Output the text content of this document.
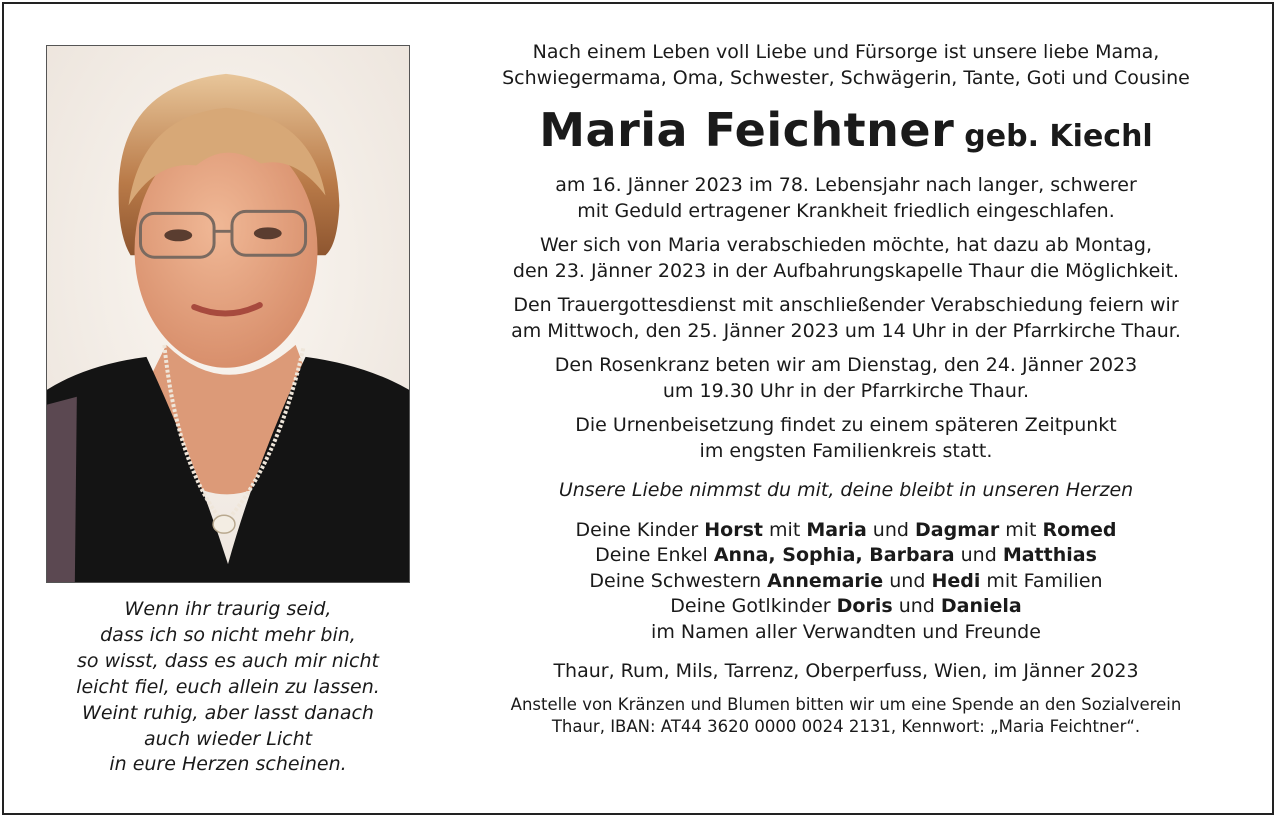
Wenn ihr traurig seid,
dass ich so nicht mehr bin,
so wisst, dass es auch mir nicht
leicht fiel, euch allein zu lassen.
Weint ruhig, aber lasst danach
auch wieder Licht
in eure Herzen scheinen.
Nach einem Leben voll Liebe und Fürsorge ist unsere liebe Mama,
Schwiegermama, Oma, Schwester, Schwägerin, Tante, Goti und Cousine
Maria Feichtner geb. Kiechl
am 16. Jänner 2023 im 78. Lebensjahr nach langer, schwerer
mit Geduld ertragener Krankheit friedlich eingeschlafen.
Wer sich von Maria verabschieden möchte, hat dazu ab Montag,
den 23. Jänner 2023 in der Aufbahrungskapelle Thaur die Möglichkeit.
Den Trauergottesdienst mit anschließender Verabschiedung feiern wir
am Mittwoch, den 25. Jänner 2023 um 14 Uhr in der Pfarrkirche Thaur.
Den Rosenkranz beten wir am Dienstag, den 24. Jänner 2023
um 19.30 Uhr in der Pfarrkirche Thaur.
Die Urnenbeisetzung findet zu einem späteren Zeitpunkt
im engsten Familienkreis statt.
Unsere Liebe nimmst du mit, deine bleibt in unseren Herzen
Deine Kinder Horst mit Maria und Dagmar mit Romed
Deine Enkel Anna, Sophia, Barbara und Matthias
Deine Schwestern Annemarie und Hedi mit Familien
Deine Gotlkinder Doris und Daniela
im Namen aller Verwandten und Freunde
Thaur, Rum, Mils, Tarrenz, Oberperfuss, Wien, im Jänner 2023
Anstelle von Kränzen und Blumen bitten wir um eine Spende an den Sozialverein
Thaur, IBAN: AT44 3620 0000 0024 2131, Kennwort: „Maria Feichtner“.
